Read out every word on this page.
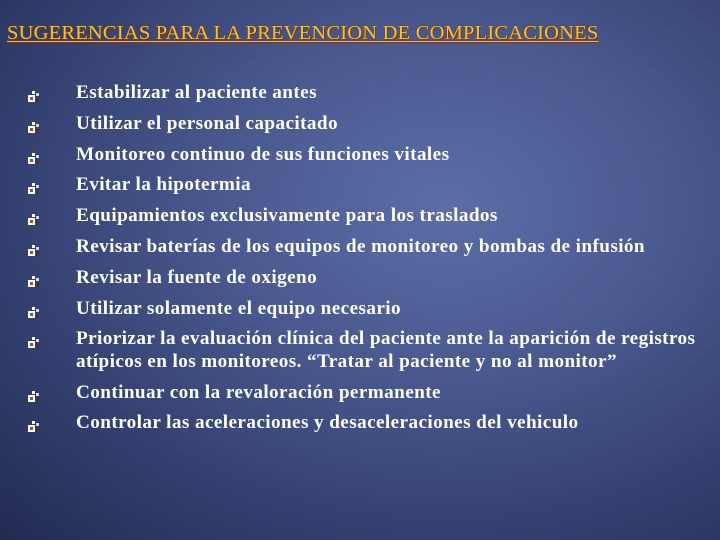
SUGERENCIAS PARA LA PREVENCION DE COMPLICACIONES
Estabilizar al paciente antes
Utilizar el personal capacitado
Monitoreo continuo de sus funciones vitales
Evitar la hipotermia
Equipamientos exclusivamente para los traslados
Revisar baterías de los equipos de monitoreo y bombas de infusión
Revisar la fuente de oxigeno
Utilizar solamente el equipo necesario
Priorizar la evaluación clínica del paciente ante la aparición de registros atípicos en los monitoreos. “Tratar al paciente y no al monitor”
Continuar con la revaloración permanente
Controlar las aceleraciones y desaceleraciones del vehiculo
